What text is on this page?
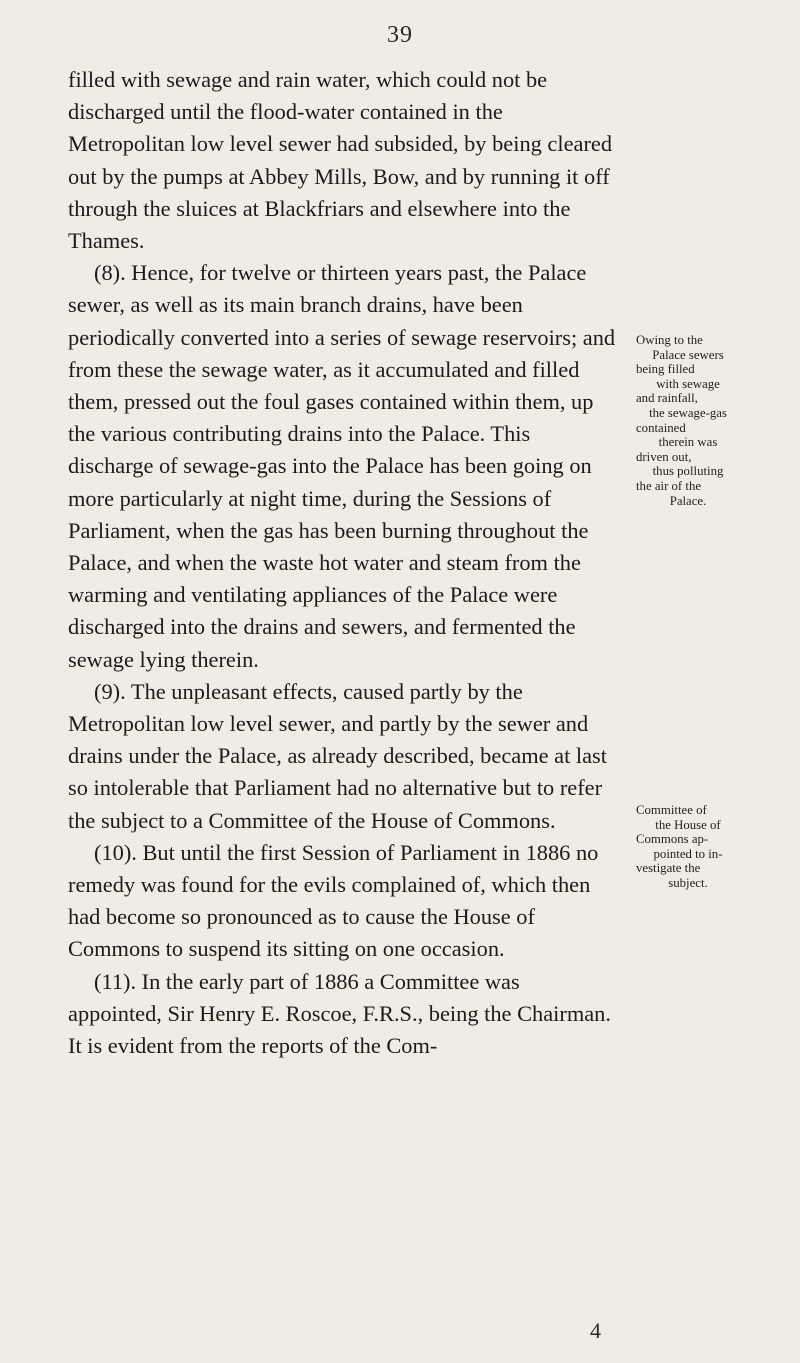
39

filled with sewage and rain water, which could not be discharged until the flood-water contained in the Metropolitan low level sewer had subsided, by being cleared out by the pumps at Abbey Mills, Bow, and by running it off through the sluices at Blackfriars and elsewhere into the Thames.

(8). Hence, for twelve or thirteen years past, the Palace sewer, as well as its main branch drains, have been periodically converted into a series of sewage reservoirs; and from these the sewage water, as it accumulated and filled them, pressed out the foul gases contained within them, up the various contributing drains into the Palace. This discharge of sewage-gas into the Palace has been going on more particularly at night time, during the Sessions of Parliament, when the gas has been burning throughout the Palace, and when the waste hot water and steam from the warming and ventilating appliances of the Palace were discharged into the drains and sewers, and fermented the sewage lying therein.

(9). The unpleasant effects, caused partly by the Metropolitan low level sewer, and partly by the sewer and drains under the Palace, as already described, became at last so intolerable that Parliament had no alternative but to refer the subject to a Committee of the House of Commons.

(10). But until the first Session of Parliament in 1886 no remedy was found for the evils complained of, which then had become so pronounced as to cause the House of Commons to suspend its sitting on one occasion.

(11). In the early part of 1886 a Committee was appointed, Sir Henry E. Roscoe, F.R.S., being the Chairman. It is evident from the reports of the Com-

Owing to the
Palace sewers
being filled
with sewage
and rainfall,
the sewage-gas
contained
therein was
driven out,
thus polluting
the air of the
Palace.
Committee of
the House of
Commons ap-
pointed to in-
vestigate the
subject.
4
